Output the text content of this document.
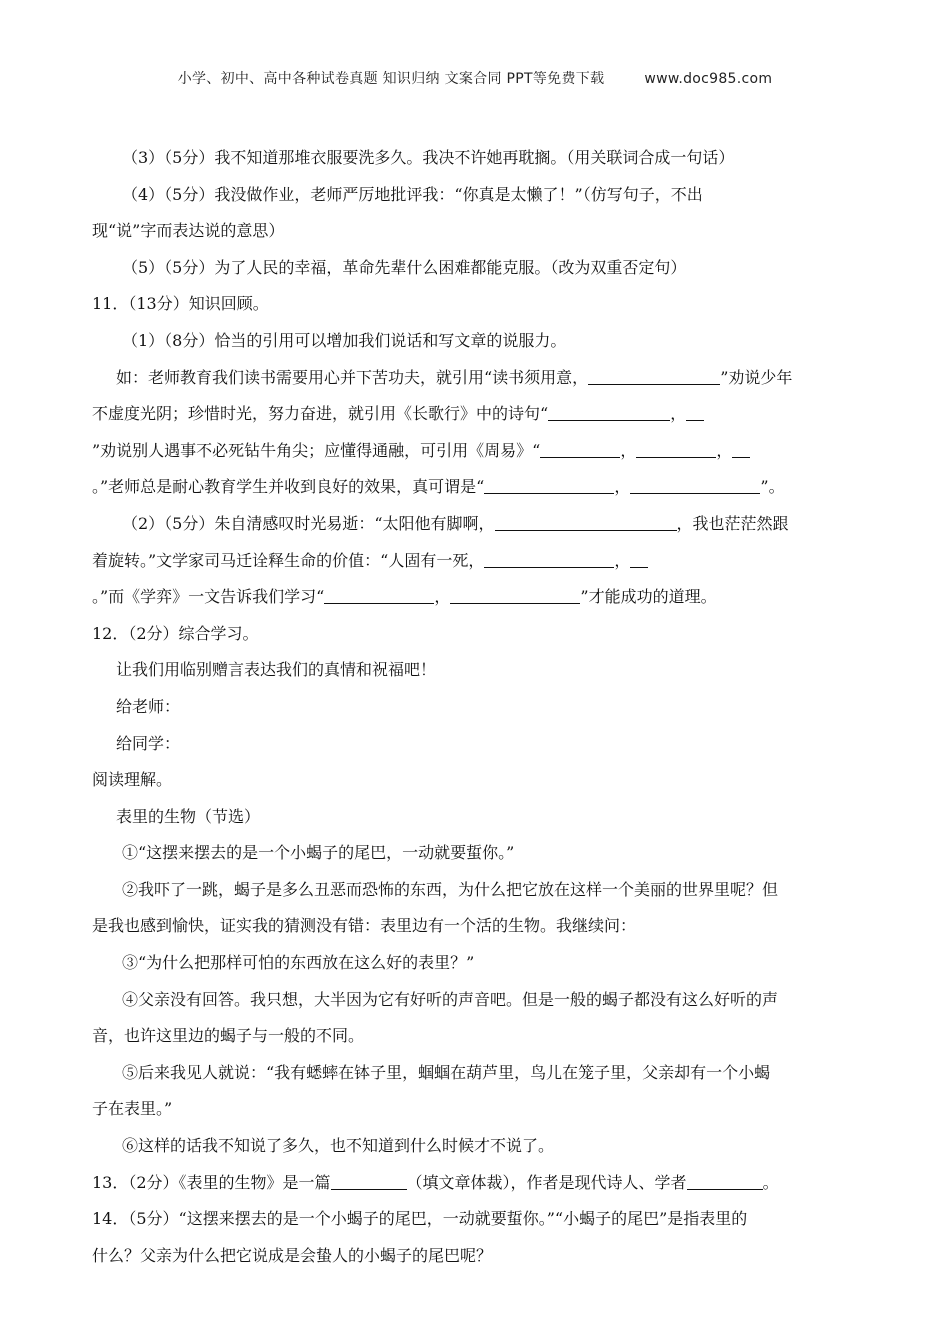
小学、初中、高中各种试卷真题 知识归纳 文案合同 PPT等免费下载	www.doc985.com
（3）（5分）我不知道那堆衣服要洗多久。我决不许她再耽搁。（用关联词合成一句话）
（4）（5分）我没做作业，老师严厉地批评我：“你真是太懒了！”（仿写句子，不出
现“说”字而表达说的意思）
（5）（5分）为了人民的幸福，革命先辈什么困难都能克服。（改为双重否定句）
11．（13分）知识回顾。
（1）（8分）恰当的引用可以增加我们说话和写文章的说服力。
如：老师教育我们读书需要用心并下苦功夫，就引用“读书须用意，	”劝说少年
不虚度光阴；珍惜时光，努力奋进，就引用《长歌行》中的诗句“	，
”劝说别人遇事不必死钻牛角尖；应懂得通融，可引用《周易》“	，	，
。”老师总是耐心教育学生并收到良好的效果，真可谓是“	，	”。
（2）（5分）朱自清感叹时光易逝：“太阳他有脚啊，	，我也茫茫然跟
着旋转。”文学家司马迁诠释生命的价值：“人固有一死，	，
。”而《学弈》一文告诉我们学习“	，	”才能成功的道理。
12．（2分）综合学习。
让我们用临别赠言表达我们的真情和祝福吧！
给老师：
给同学：
阅读理解。
表里的生物（节选）
①“这摆来摆去的是一个小蝎子的尾巴，一动就要蜇你。”
②我吓了一跳，蝎子是多么丑恶而恐怖的东西，为什么把它放在这样一个美丽的世界里呢？但
是我也感到愉快，证实我的猜测没有错：表里边有一个活的生物。我继续问：
③“为什么把那样可怕的东西放在这么好的表里？”
④父亲没有回答。我只想，大半因为它有好听的声音吧。但是一般的蝎子都没有这么好听的声
音，也许这里边的蝎子与一般的不同。
⑤后来我见人就说：“我有蟋蟀在钵子里，蝈蝈在葫芦里，鸟儿在笼子里，父亲却有一个小蝎
子在表里。”
⑥这样的话我不知说了多久，也不知道到什么时候才不说了。
13．（2分）《表里的生物》是一篇	（填文章体裁），作者是现代诗人、学者	。
14．（5分）“这摆来摆去的是一个小蝎子的尾巴，一动就要蜇你。”“小蝎子的尾巴”是指表里的
什么？父亲为什么把它说成是会蛰人的小蝎子的尾巴呢？
